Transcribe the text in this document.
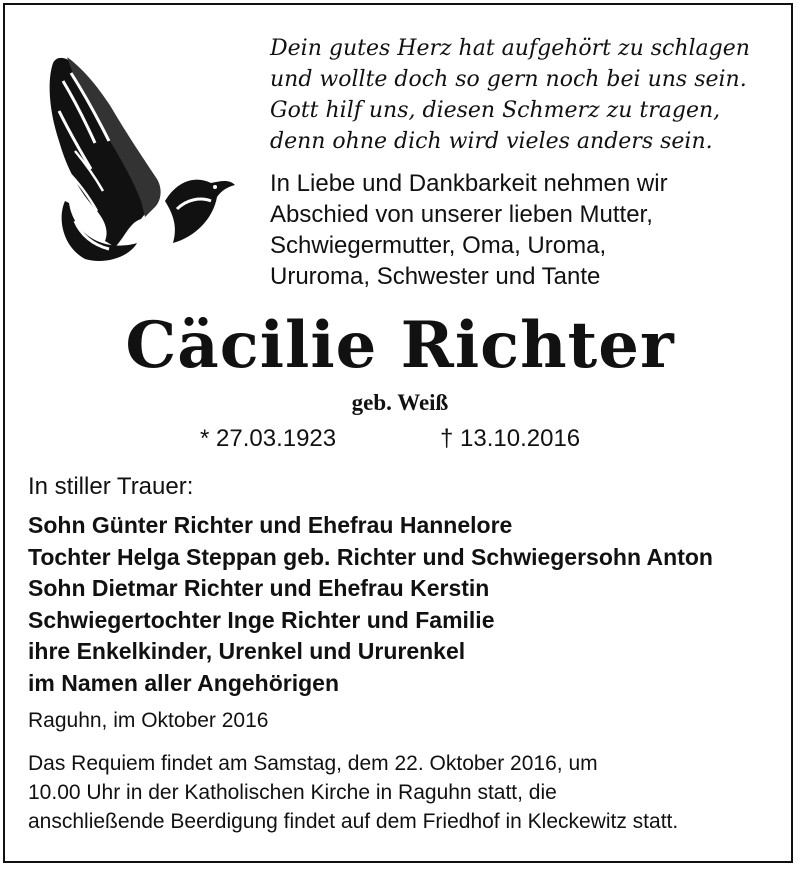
Dein gutes Herz hat aufgehört zu schlagen
und wollte doch so gern noch bei uns sein.
Gott hilf uns, diesen Schmerz zu tragen,
denn ohne dich wird vieles anders sein.
In Liebe und Dankbarkeit nehmen wir
Abschied von unserer lieben Mutter,
Schwiegermutter, Oma, Uroma,
Ururoma, Schwester und Tante
Cäcilie Richter
geb. Weiß
* 27.03.1923	† 13.10.2016
In stiller Trauer:
Sohn Günter Richter und Ehefrau Hannelore
Tochter Helga Steppan geb. Richter und Schwiegersohn Anton
Sohn Dietmar Richter und Ehefrau Kerstin
Schwiegertochter Inge Richter und Familie
ihre Enkelkinder, Urenkel und Ururenkel
im Namen aller Angehörigen
Raguhn, im Oktober 2016
Das Requiem findet am Samstag, dem 22. Oktober 2016, um
10.00 Uhr in der Katholischen Kirche in Raguhn statt, die
anschließende Beerdigung findet auf dem Friedhof in Kleckewitz statt.
